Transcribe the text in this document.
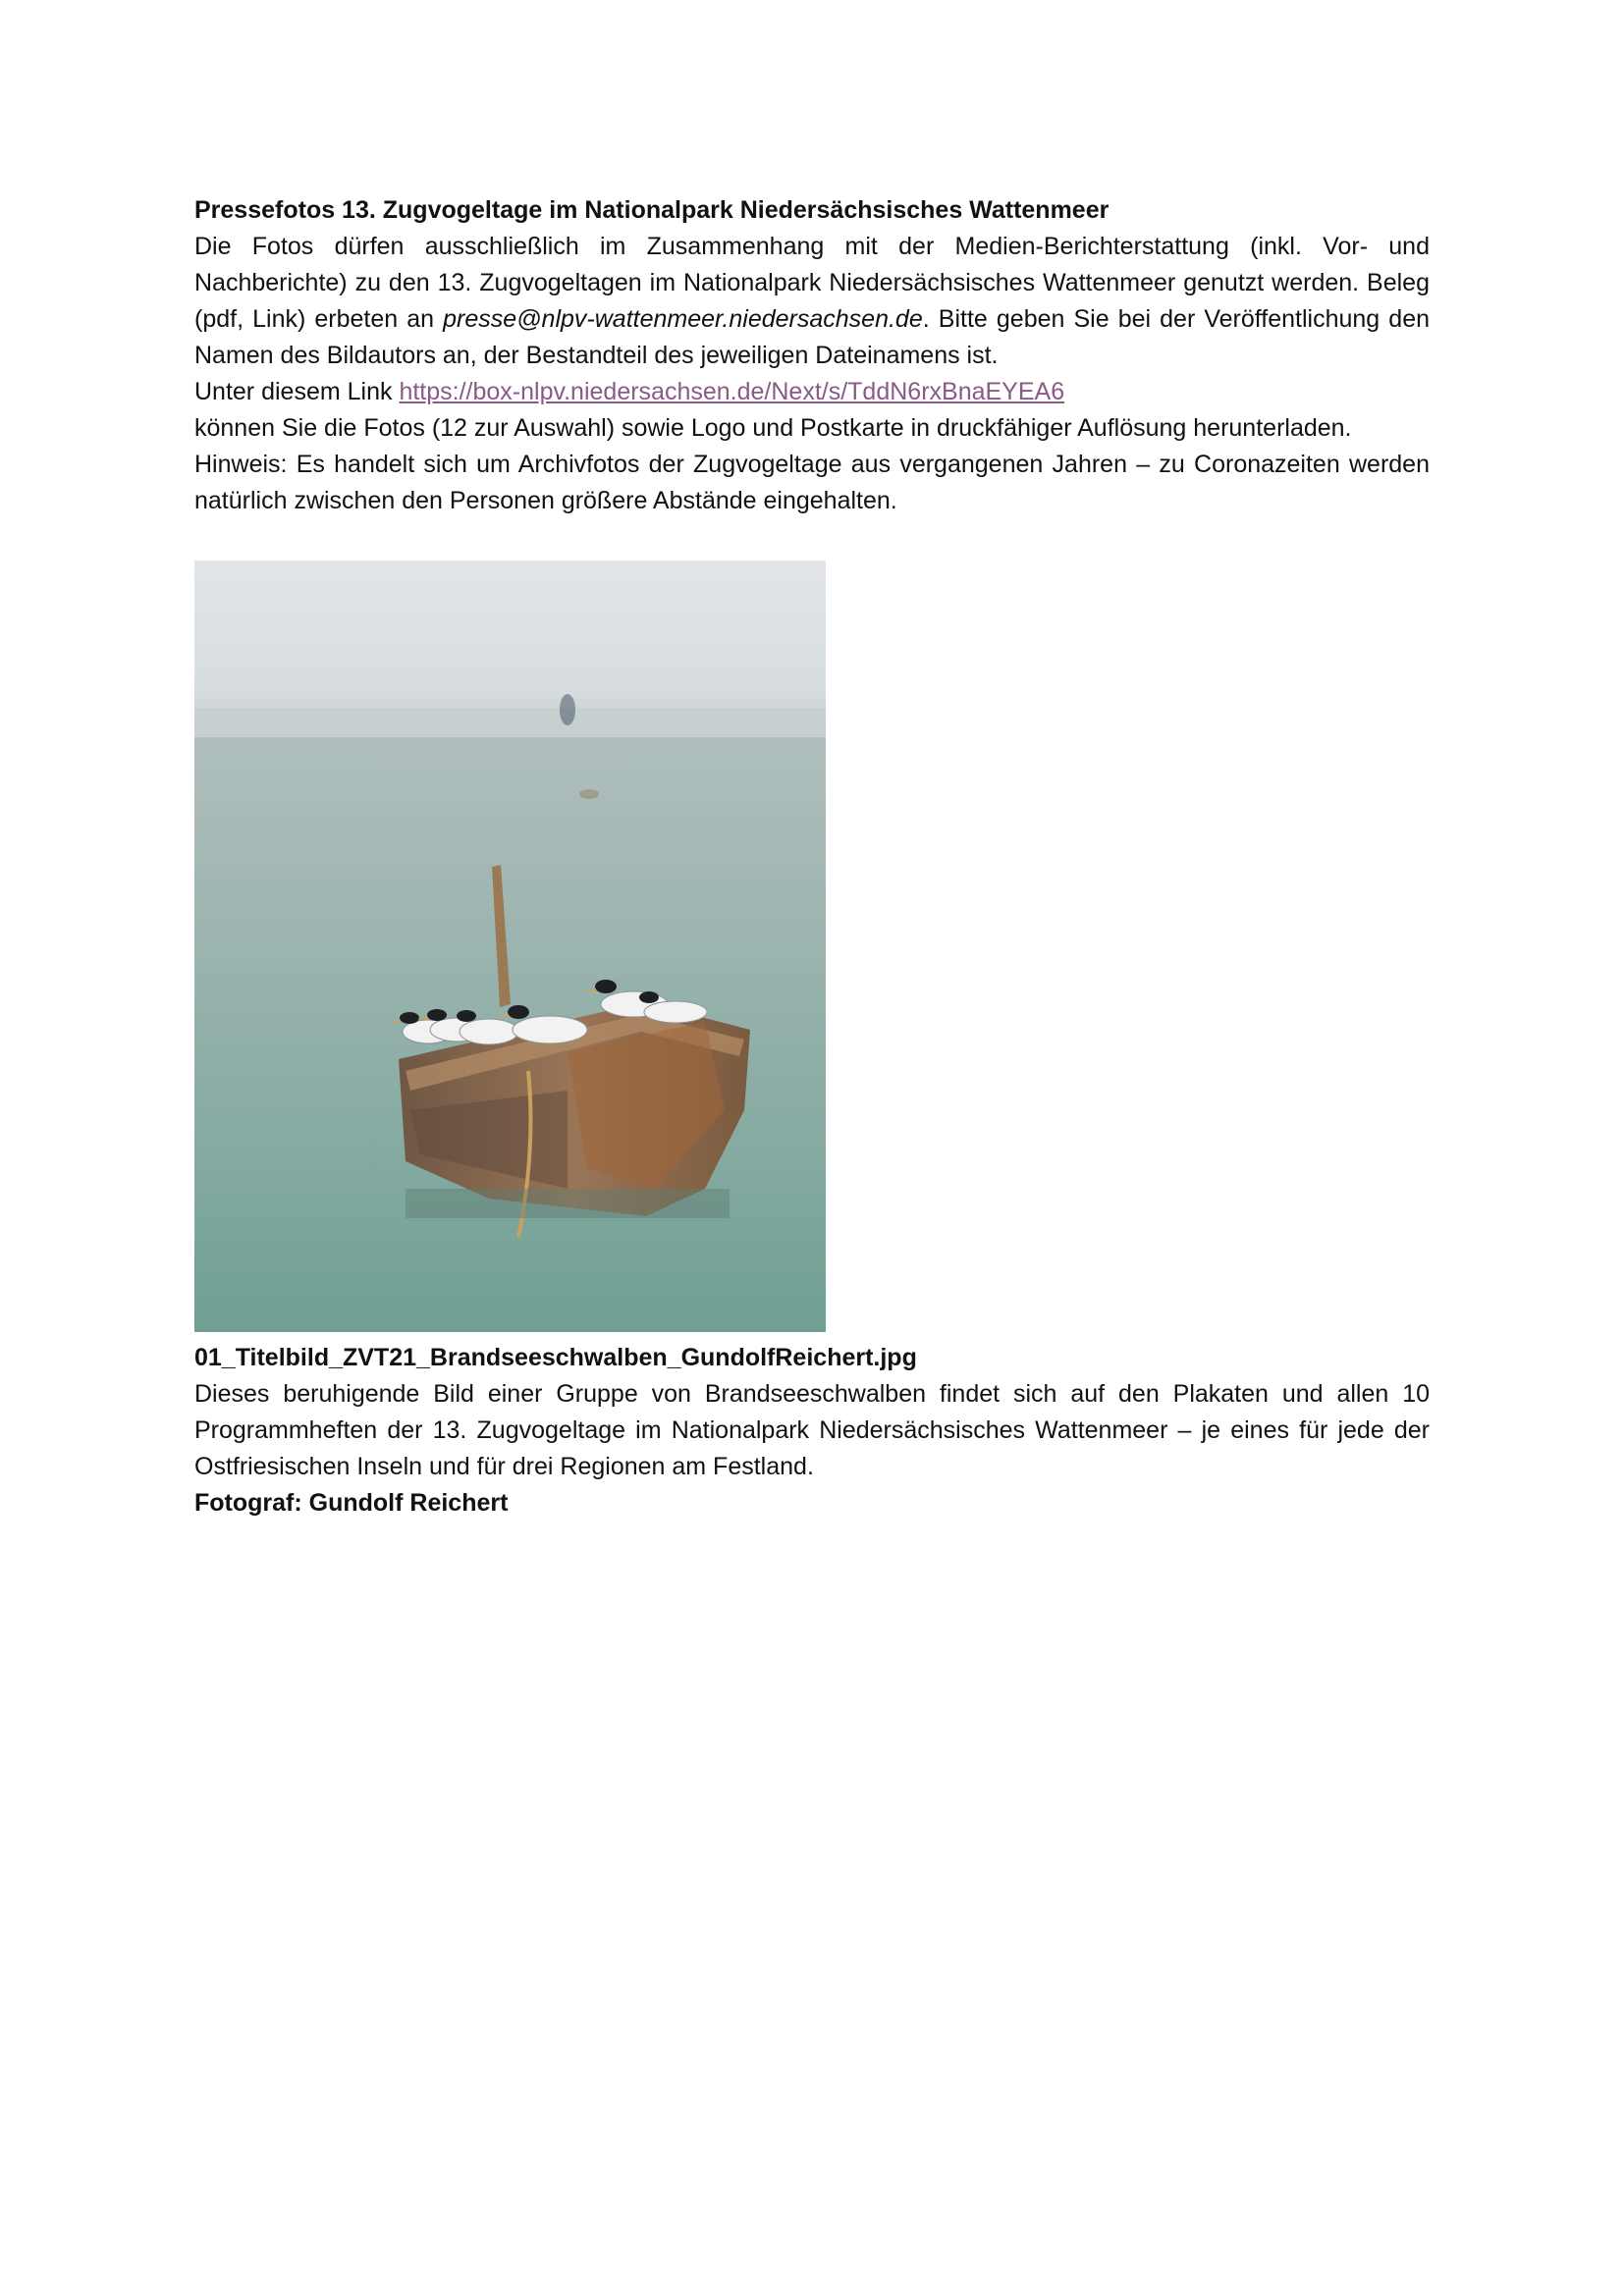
Pressefotos 13. Zugvogeltage im Nationalpark Niedersächsisches Wattenmeer

Die Fotos dürfen ausschließlich im Zusammenhang mit der Medien-Berichterstattung (inkl. Vor- und Nachberichte) zu den 13. Zugvogeltagen im Nationalpark Niedersächsisches Wattenmeer genutzt werden. Beleg (pdf, Link) erbeten an presse@nlpv-wattenmeer.niedersachsen.de. Bitte geben Sie bei der Veröffentlichung den Namen des Bildautors an, der Bestandteil des jeweiligen Dateinamens ist.

Unter diesem Link https://box-nlpv.niedersachsen.de/Next/s/TddN6rxBnaEYEA6

können Sie die Fotos (12 zur Auswahl) sowie Logo und Postkarte in druckfähiger Auflösung herunterladen.

Hinweis: Es handelt sich um Archivfotos der Zugvogeltage aus vergangenen Jahren – zu Coronazeiten werden natürlich zwischen den Personen größere Abstände eingehalten.

01_Titelbild_ZVT21_Brandseeschwalben_GundolfReichert.jpg

Dieses beruhigende Bild einer Gruppe von Brandseeschwalben findet sich auf den Plakaten und allen 10 Programmheften der 13. Zugvogeltage im Nationalpark Niedersächsisches Wattenmeer – je eines für jede der Ostfriesischen Inseln und für drei Regionen am Festland.

Fotograf: Gundolf Reichert
